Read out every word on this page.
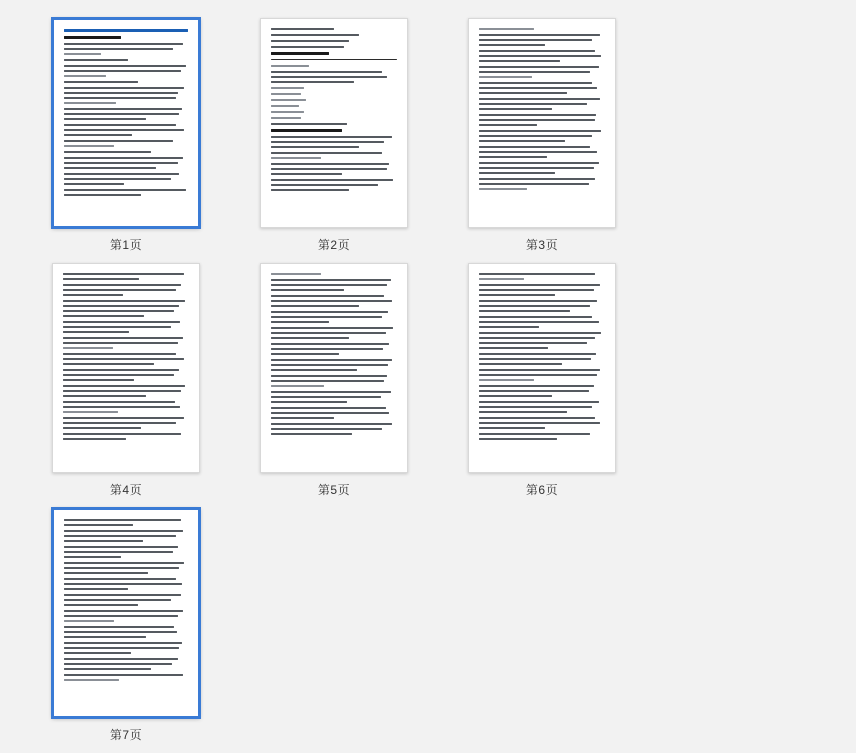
第1页	第2页	第3页
第4页	第5页	第6页
第7页
